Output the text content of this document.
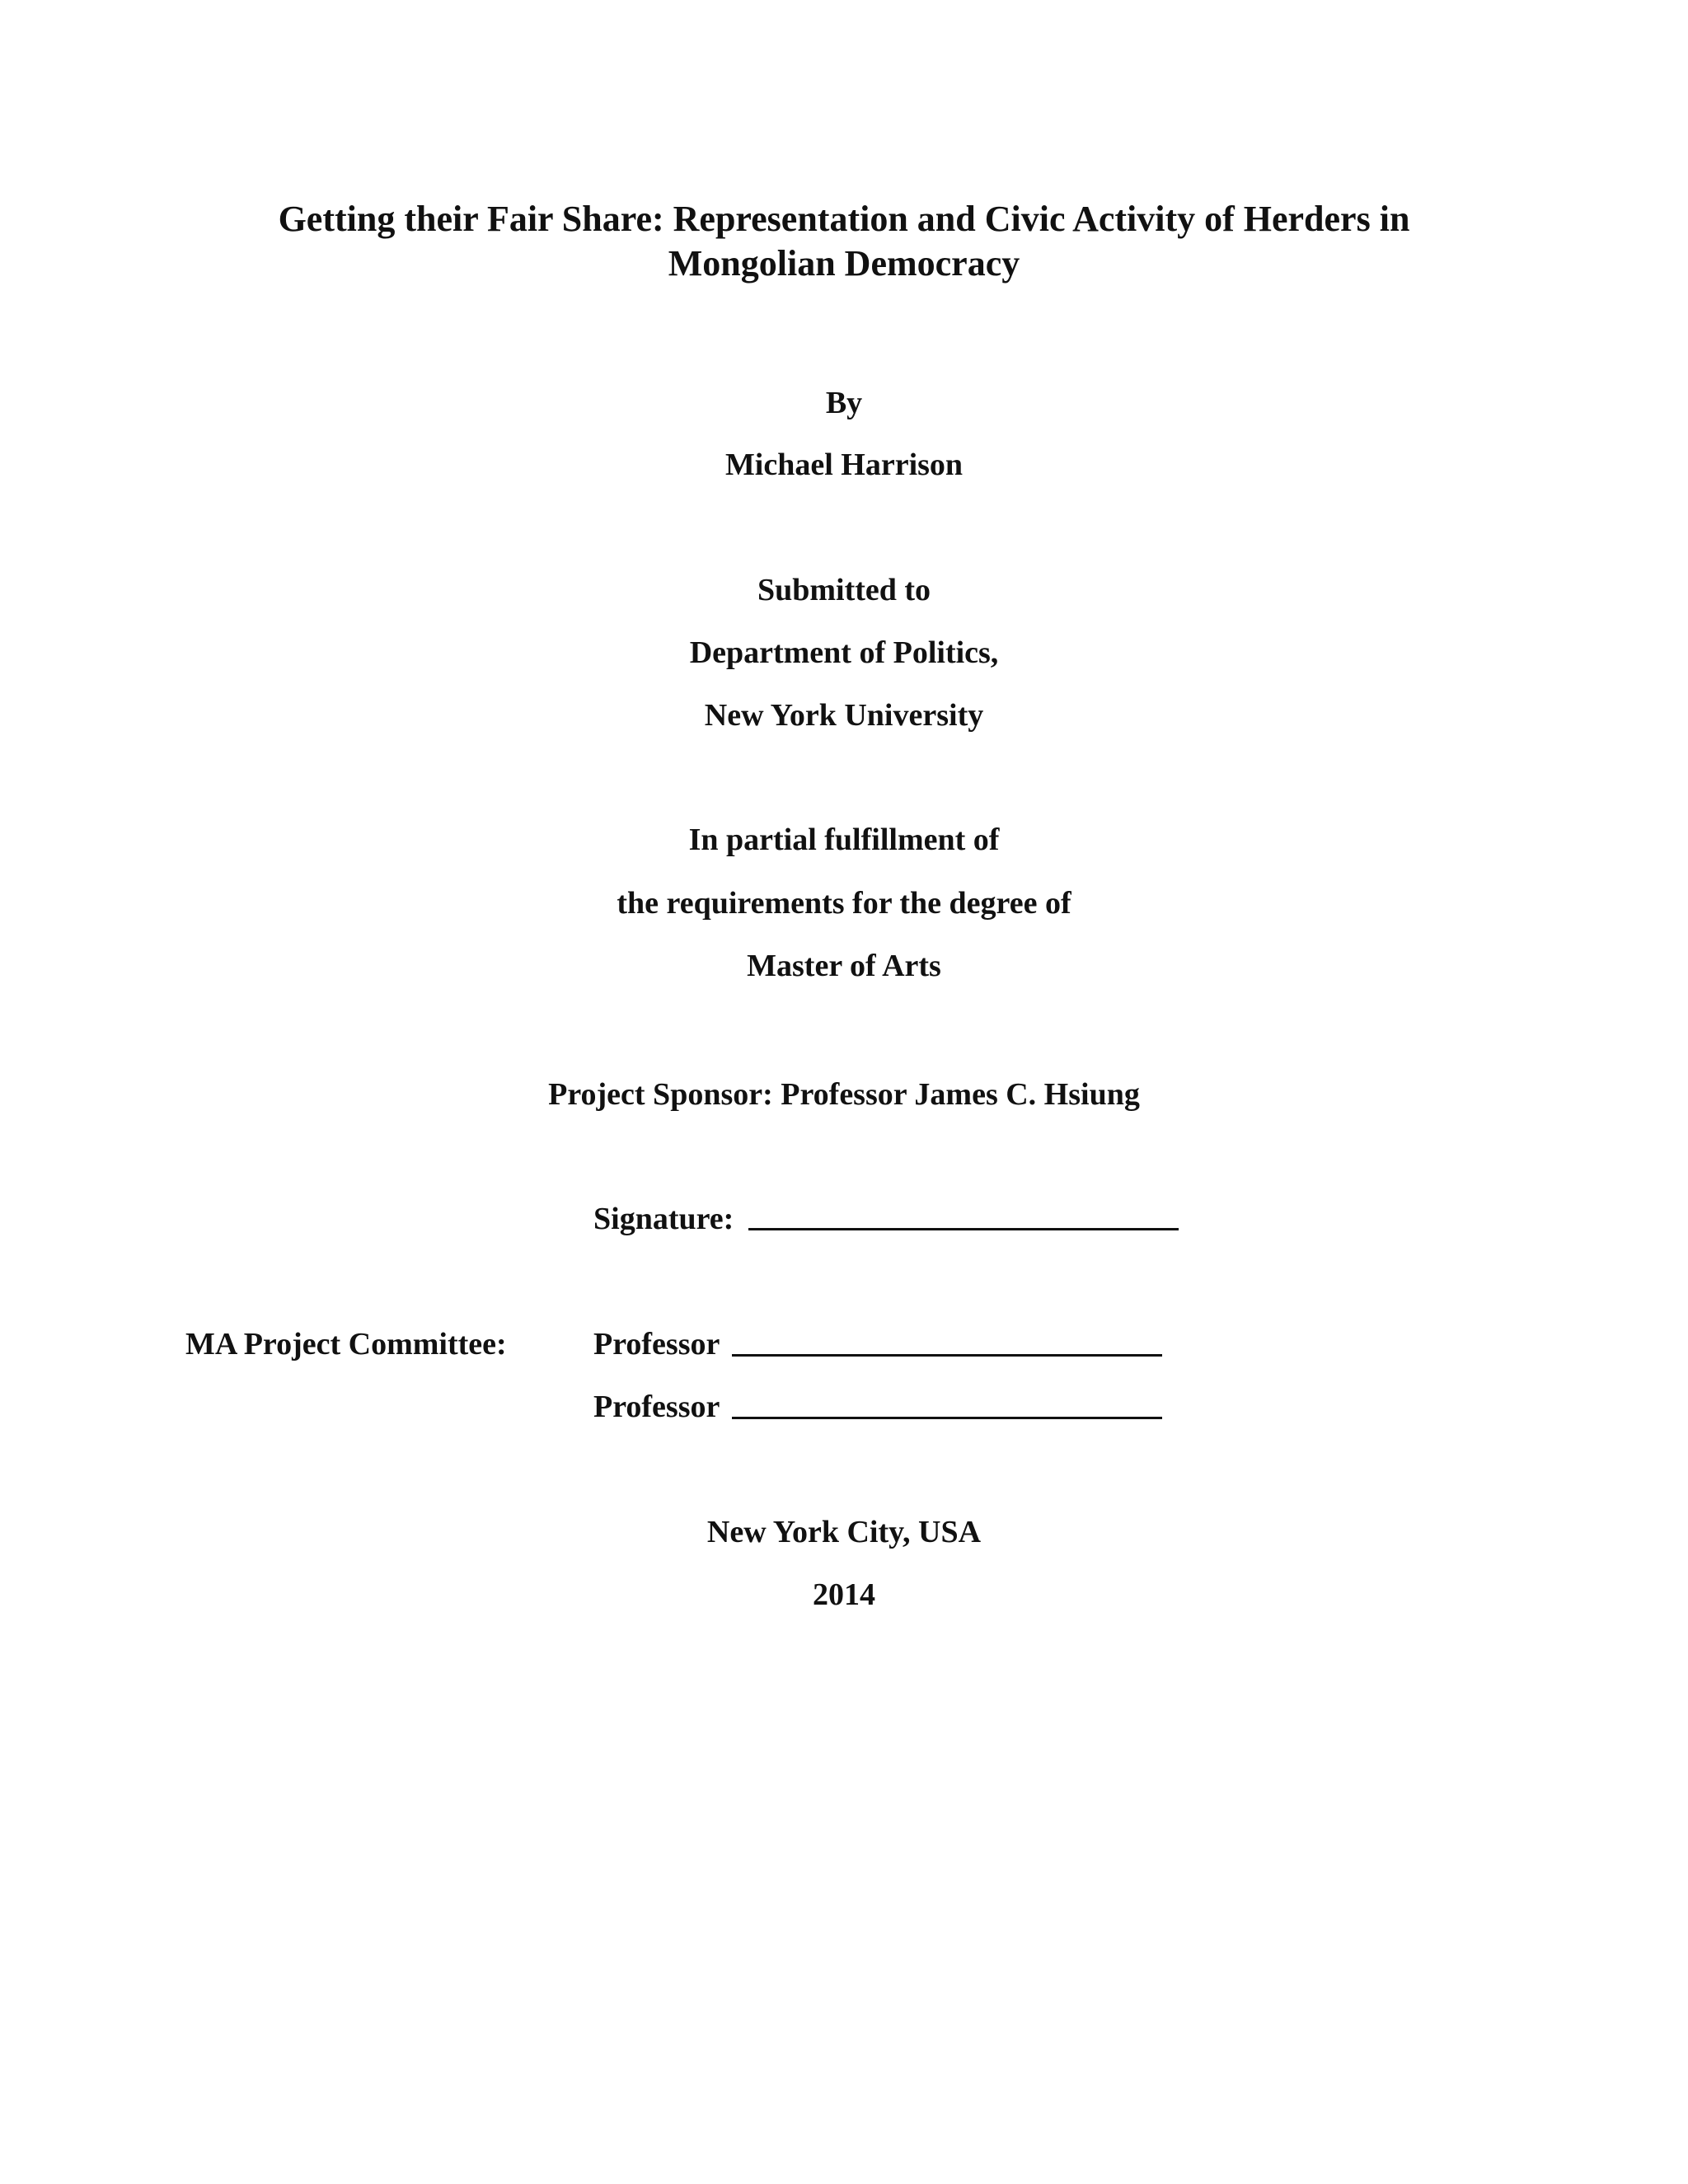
Getting their Fair Share: Representation and Civic Activity of Herders in
Mongolian Democracy
By
Michael Harrison
Submitted to
Department of Politics,
New York University
In partial fulfillment of
the requirements for the degree of
Master of Arts
Project Sponsor: Professor James C. Hsiung
Signature:
MA Project Committee:	Professor
Professor
New York City, USA
2014
